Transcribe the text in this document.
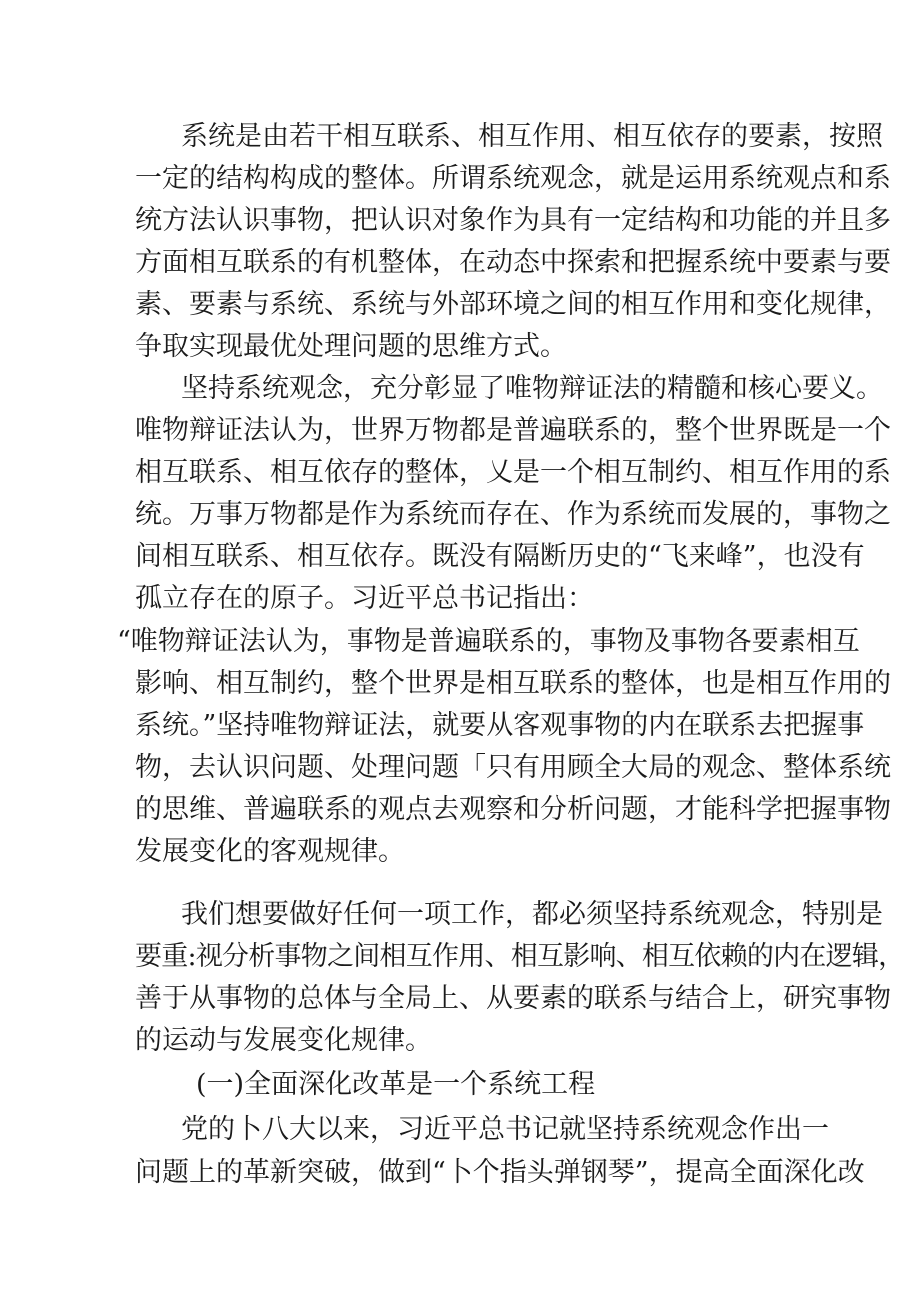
系统是由若干相互联系、相互作用、相互依存的要素，按照
一定的结构构成的整体。所谓系统观念，就是运用系统观点和系
统方法认识事物，把认识对象作为具有一定结构和功能的并且多
方面相互联系的有机整体，在动态中探索和把握系统中要素与要
素、要素与系统、系统与外部环境之间的相互作用和变化规律，
争取实现最优处理问题的思维方式。
坚持系统观念，充分彰显了唯物辩证法的精髓和核心要义。
唯物辩证法认为，世界万物都是普遍联系的，整个世界既是一个
相互联系、相互依存的整体，乂是一个相互制约、相互作用的系
统。万事万物都是作为系统而存在、作为系统而发展的，事物之
间相互联系、相互依存。既没有隔断历史的“飞来峰”，也没有
孤立存在的原子。习近平总书记指出：
“唯物辩证法认为，事物是普遍联系的，事物及事物各要素相互
影响、相互制约，整个世界是相互联系的整体，也是相互作用的
系统。”坚持唯物辩证法，就要从客观事物的内在联系去把握事
物，去认识问题、处理问题「只有用顾全大局的观念、整体系统
的思维、普遍联系的观点去观察和分析问题，才能科学把握事物
发展变化的客观规律。
我们想要做好任何一项工作，都必须坚持系统观念，特别是
要重:视分析事物之间相互作用、相互影响、相互依赖的内在逻辑，
善于从事物的总体与全局上、从要素的联系与结合上，研究事物
的运动与发展变化规律。
(一)全面深化改革是一个系统工程
党的卜八大以来，习近平总书记就坚持系统观念作出一
问题上的革新突破，做到“卜个指头弹钢琴”，提高全面深化改
